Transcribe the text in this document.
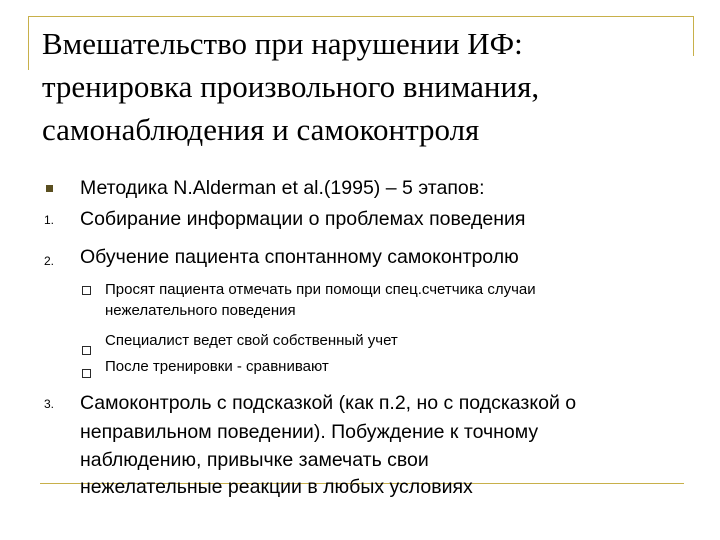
Вмешательство при нарушении ИФ:
тренировка произвольного внимания,
самонаблюдения и самоконтроля
Методика N.Alderman et al.(1995) – 5 этапов:
1. Собирание информации о проблемах поведения
2. Обучение пациента спонтанному самоконтролю
Просят пациента отмечать при помощи спец.счетчика случаи
нежелательного поведения
Специалист ведет свой собственный учет
После тренировки - сравнивают
3. Самоконтроль с подсказкой (как п.2, но с подсказкой о
неправильном поведении). Побуждение к точному
наблюдению, привычке замечать свои
нежелательные реакции в любых условиях
